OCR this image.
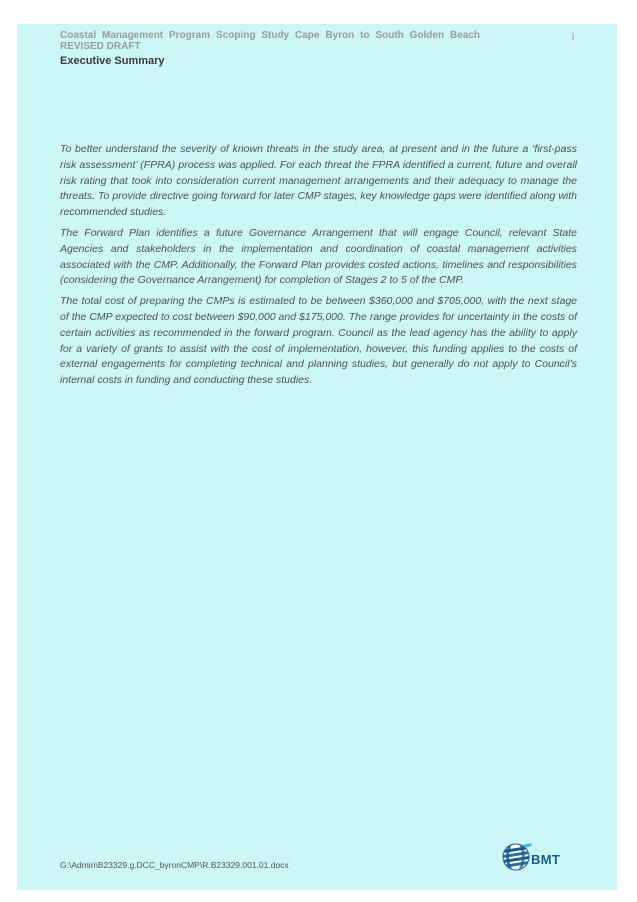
Coastal Management Program Scoping Study Cape Byron to South Golden Beach
REVISED DRAFT
i
Executive Summary

To better understand the severity of known threats in the study area, at present and in the future a ‘first-pass risk assessment’ (FPRA) process was applied. For each threat the FPRA identified a current, future and overall risk rating that took into consideration current management arrangements and their adequacy to manage the threats. To provide directive going forward for later CMP stages, key knowledge gaps were identified along with recommended studies.

The Forward Plan identifies a future Governance Arrangement that will engage Council, relevant State Agencies and stakeholders in the implementation and coordination of coastal management activities associated with the CMP. Additionally, the Forward Plan provides costed actions, timelines and responsibilities (considering the Governance Arrangement) for completion of Stages 2 to 5 of the CMP.

The total cost of preparing the CMPs is estimated to be between $360,000 and $705,000, with the next stage of the CMP expected to cost between $90,000 and $175,000. The range provides for uncertainty in the costs of certain activities as recommended in the forward program. Council as the lead agency has the ability to apply for a variety of grants to assist with the cost of implementation, however, this funding applies to the costs of external engagements for completing technical and planning studies, but generally do not apply to Council’s internal costs in funding and conducting these studies.

G:\Admin\B23329.g.DCC_byronCMP\R.B23329.001.01.docx	BMT
